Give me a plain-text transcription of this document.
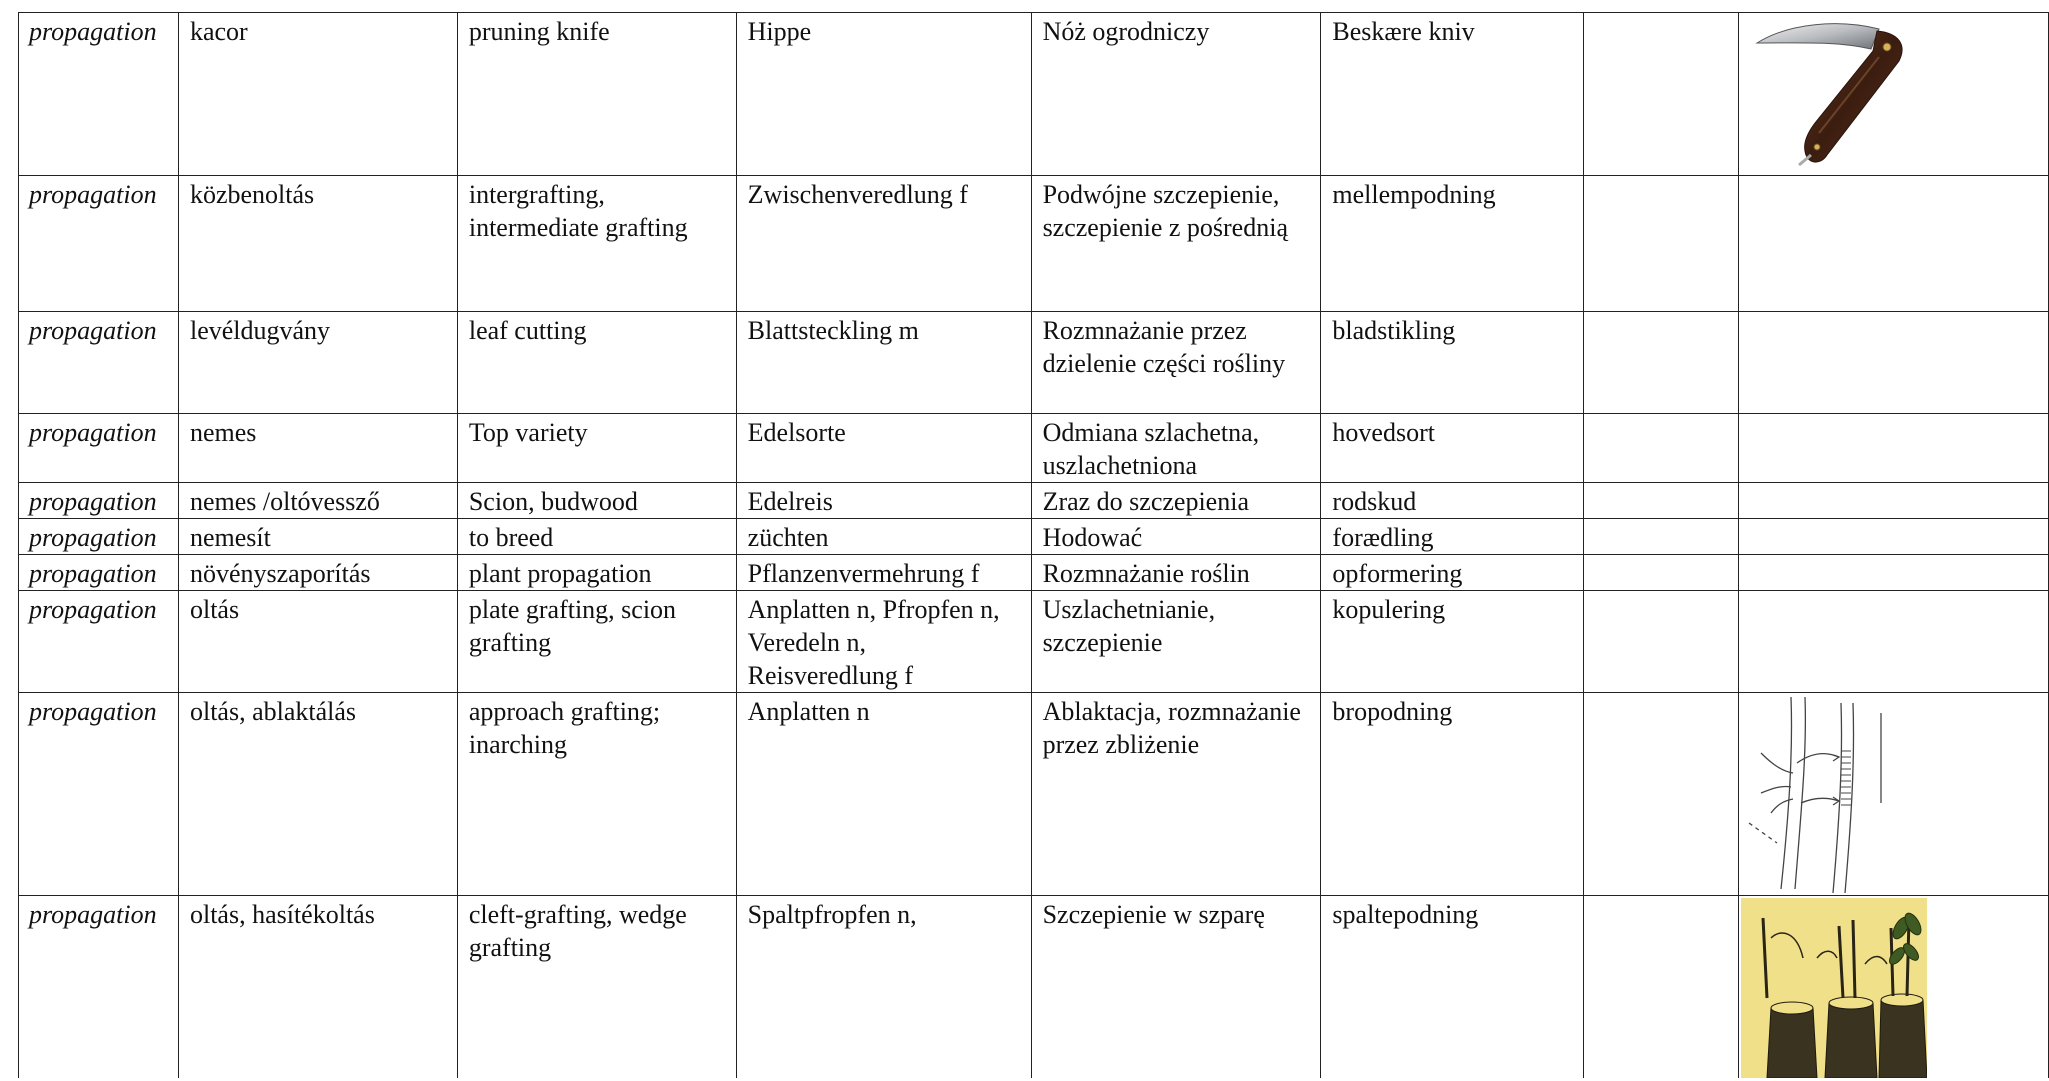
propagation	kacor	pruning knife	Hippe	Nóż ogrodniczy	Beskære kniv		

propagation	közbenoltás	intergrafting, intermediate grafting	Zwischenveredlung f	Podwójne szczepienie, szczepienie z pośrednią	mellempodning		
propagation	levéldugvány	leaf cutting	Blattsteckling m	Rozmnażanie przez dzielenie części rośliny	bladstikling		
propagation	nemes	Top variety	Edelsorte	Odmiana szlachetna, uszlachetniona	hovedsort		
propagation	nemes /oltóvessző	Scion, budwood	Edelreis	Zraz do szczepienia	rodskud		
propagation	nemesít	to breed	züchten	Hodować	forædling		
propagation	növényszaporítás	plant propagation	Pflanzenvermehrung f	Rozmnażanie roślin	opformering		
propagation	oltás	plate grafting, scion grafting	Anplatten n, Pfropfen n, Veredeln n, Reisveredlung f	Uszlachetnianie, szczepienie	kopulering		
propagation	oltás, ablaktálás	approach grafting; inarching	Anplatten n	Ablaktacja, rozmnażanie przez zbliżenie	bropodning		

propagation	oltás, hasítékoltás	cleft-grafting, wedge grafting	Spaltpfropfen n,	Szczepienie w szparę	spaltepodning		
